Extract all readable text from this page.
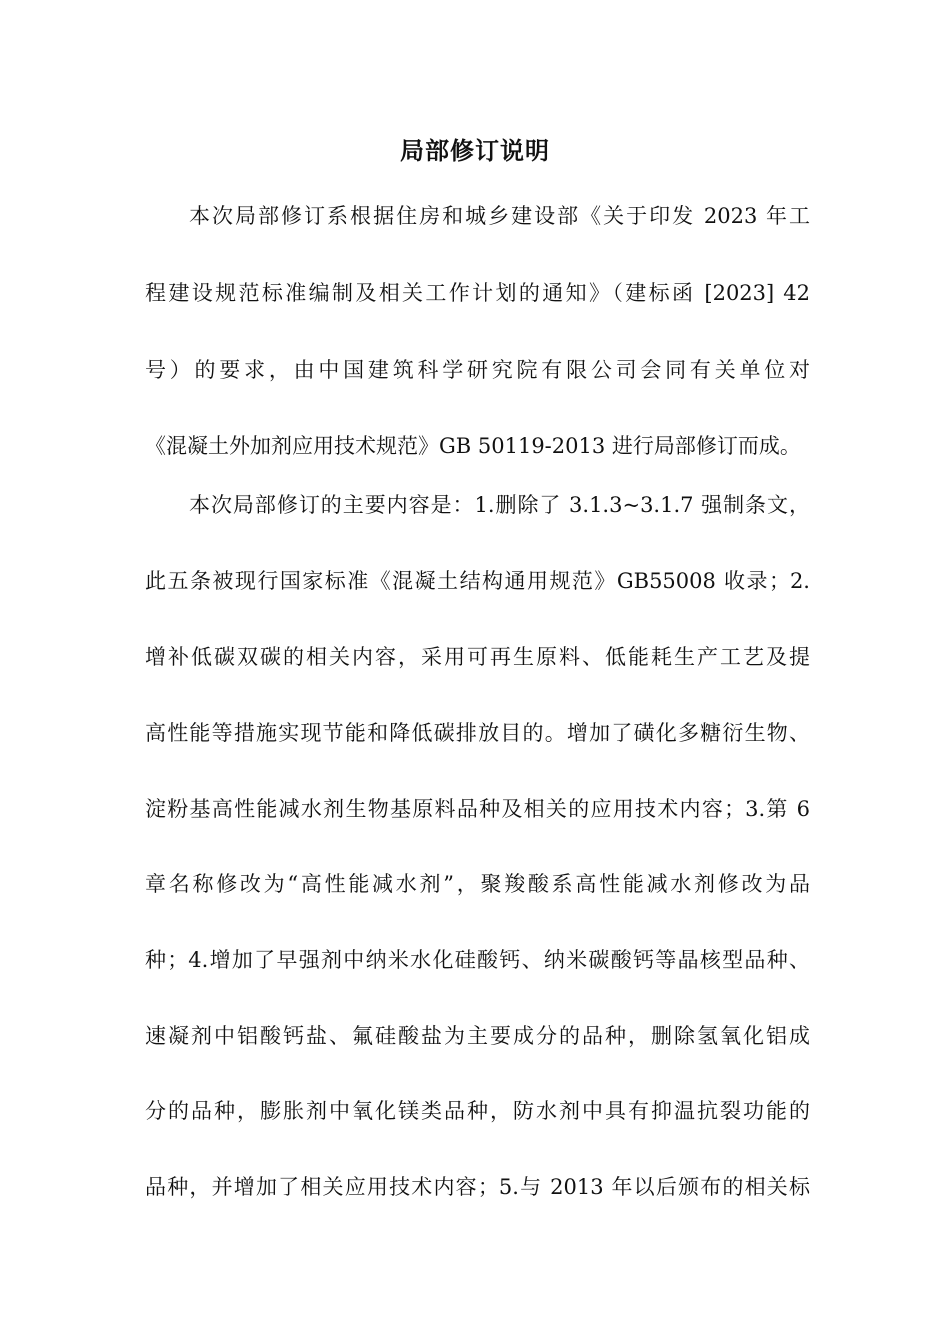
局部修订说明
本次局部修订系根据住房和城乡建设部《关于印发 2023 年工
程建设规范标准编制及相关工作计划的通知》（建标函 [2023] 42
号）的要求，由中国建筑科学研究院有限公司会同有关单位对
《混凝土外加剂应用技术规范》GB 50119-2013 进行局部修订而成。
本次局部修订的主要内容是：1.删除了 3.1.3~3.1.7 强制条文，
此五条被现行国家标准《混凝土结构通用规范》GB55008 收录；2.
增补低碳双碳的相关内容，采用可再生原料、低能耗生产工艺及提
高性能等措施实现节能和降低碳排放目的。增加了磺化多糖衍生物、
淀粉基高性能减水剂生物基原料品种及相关的应用技术内容；3.第 6
章名称修改为“高性能减水剂”，聚羧酸系高性能减水剂修改为品
种；4.增加了早强剂中纳米水化硅酸钙、纳米碳酸钙等晶核型品种、
速凝剂中铝酸钙盐、氟硅酸盐为主要成分的品种，删除氢氧化铝成
分的品种，膨胀剂中氧化镁类品种，防水剂中具有抑温抗裂功能的
品种，并增加了相关应用技术内容；5.与 2013 年以后颁布的相关标
